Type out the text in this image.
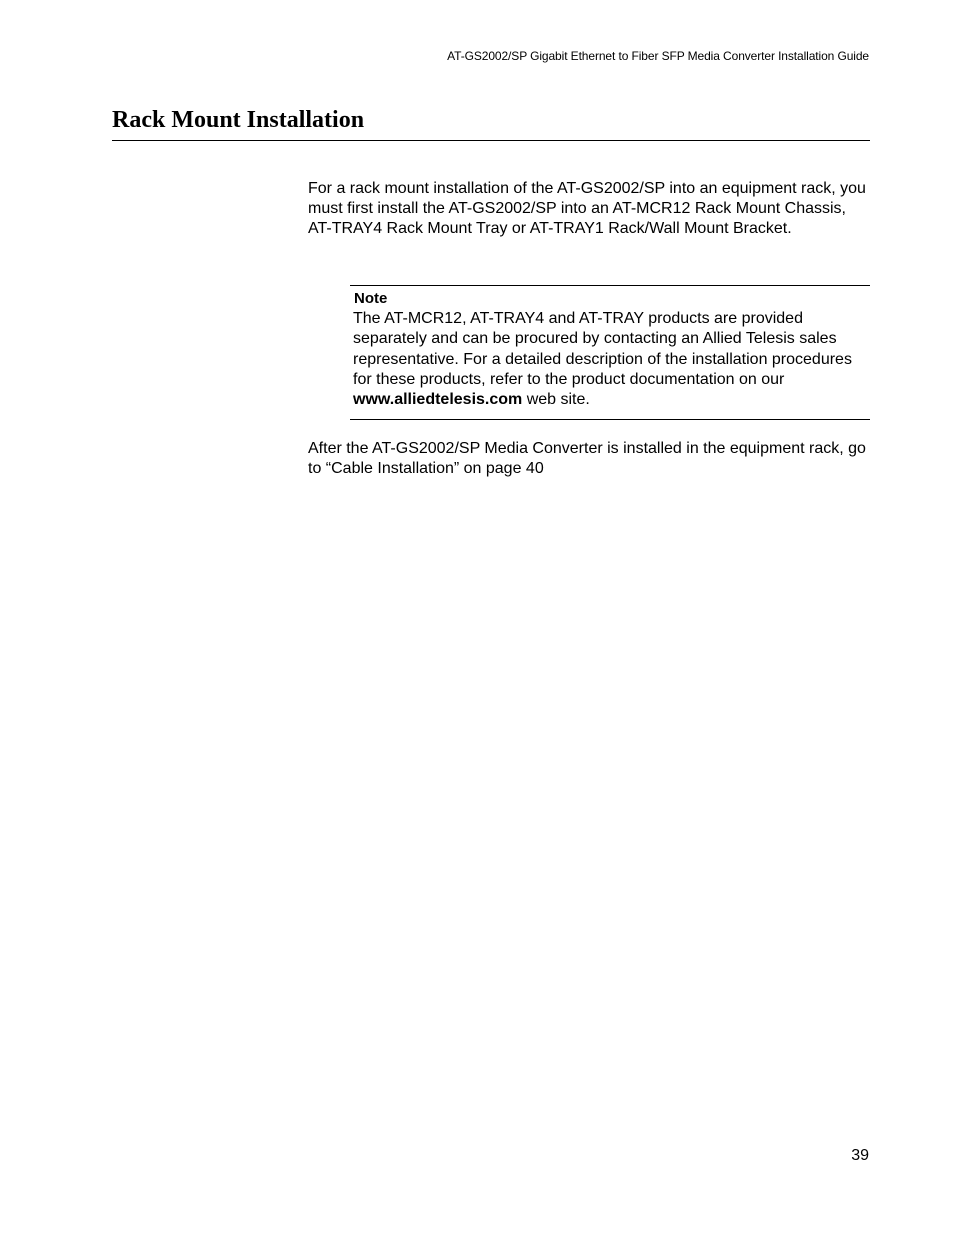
AT-GS2002/SP Gigabit Ethernet to Fiber SFP Media Converter Installation Guide
Rack Mount Installation

For a rack mount installation of the AT-GS2002/SP into an equipment rack, you must first install the AT-GS2002/SP into an AT-MCR12 Rack Mount Chassis, AT-TRAY4 Rack Mount Tray or AT-TRAY1 Rack/Wall Mount Bracket.

Note

The AT-MCR12, AT-TRAY4 and AT-TRAY products are provided separately and can be procured by contacting an Allied Telesis sales representative. For a detailed description of the installation procedures for these products, refer to the product documentation on our www.alliedtelesis.com web site.

After the AT-GS2002/SP Media Converter is installed in the equipment rack, go to “Cable Installation” on page 40

39
